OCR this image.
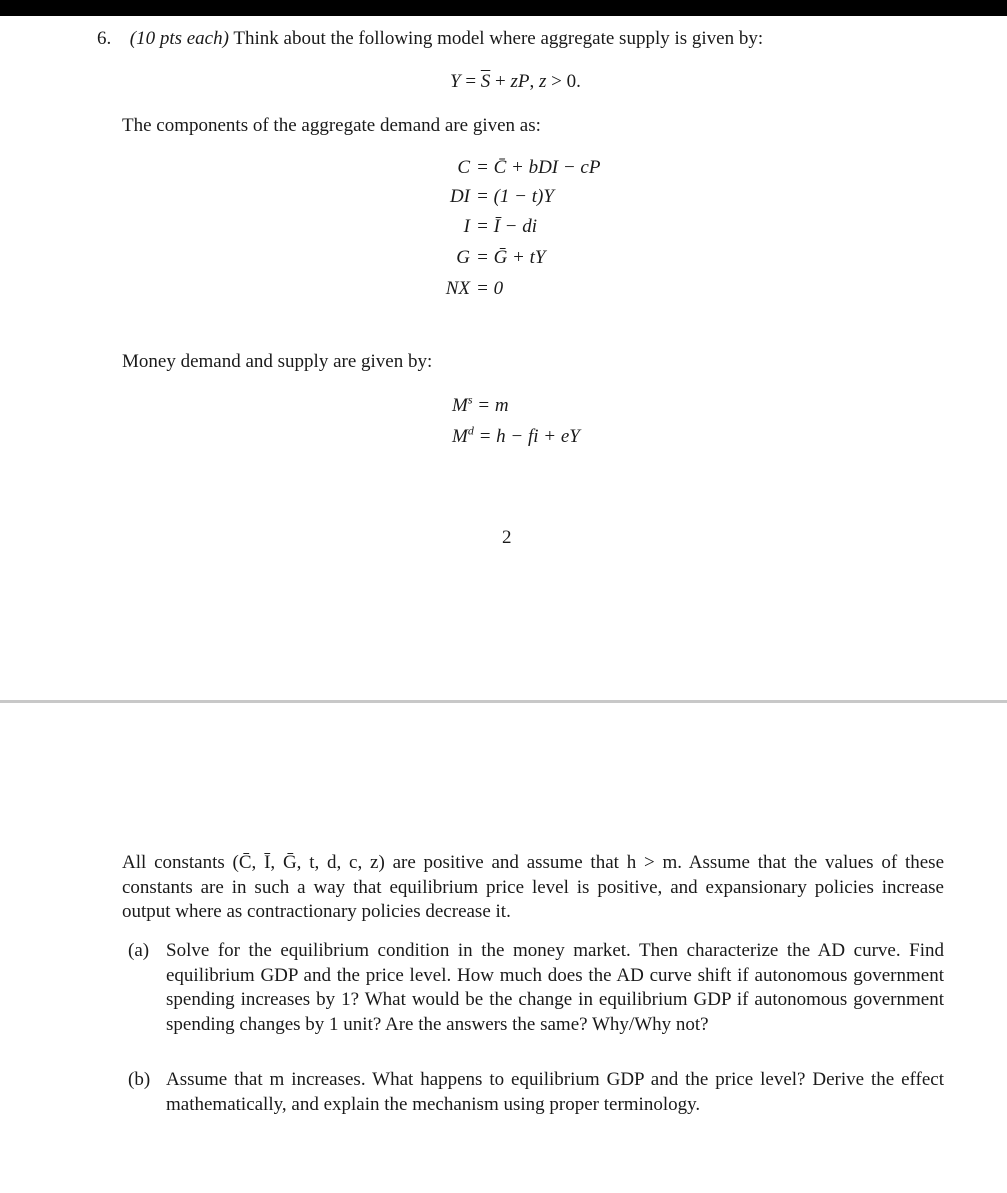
6. (10 pts each) Think about the following model where aggregate supply is given by:
$Y = \overline{S}$ + zP, z > 0.
The components of the aggregate demand are given as:
C = C̄ + bDI − cP
DI = (1 − t)Y
I = Ī − di
G = Ḡ + tY
NX = 0
Money demand and supply are given by:
$M^s = m$
$M^d = h$ − fi + eY
2
All constants (C̄, Ī, Ḡ, t, d, c, z) are positive and assume that h > m. Assume that the values of these constants are in such a way that equilibrium price level is positive, and expansionary policies increase output where as contractionary policies decrease it.
(a) Solve for the equilibrium condition in the money market. Then characterize the AD curve. Find equilibrium GDP and the price level. How much does the AD curve shift if autonomous government spending increases by 1? What would be the change in equilibrium GDP if autonomous government spending changes by 1 unit? Are the answers the same? Why/Why not?
(b) Assume that m increases. What happens to equilibrium GDP and the price level? Derive the effect mathematically, and explain the mechanism using proper terminology.
